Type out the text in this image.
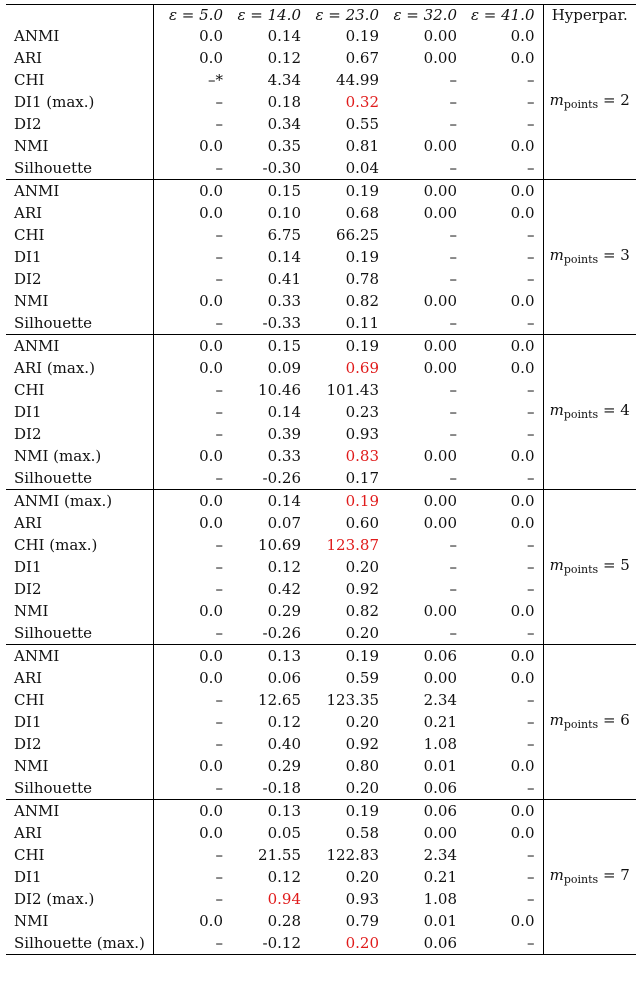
	ε = 5.0	ε = 14.0	ε = 23.0	ε = 32.0	ε = 41.0	Hyperpar.
ANMI	0.0	0.14	0.19	0.00	0.0	$m_{points} = 2$
ARI	0.0	0.12	0.67	0.00	0.0	
CHI	–*	4.34	44.99	–	–	
DI1 (max.)	–	0.18	0.32	–	–	
DI2	–	0.34	0.55	–	–	
NMI	0.0	0.35	0.81	0.00	0.0	
Silhouette	–	-0.30	0.04	–	–	
ANMI	0.0	0.15	0.19	0.00	0.0	$m_{points} = 3$
ARI	0.0	0.10	0.68	0.00	0.0	
CHI	–	6.75	66.25	–	–	
DI1	–	0.14	0.19	–	–	
DI2	–	0.41	0.78	–	–	
NMI	0.0	0.33	0.82	0.00	0.0	
Silhouette	–	-0.33	0.11	–	–	
ANMI	0.0	0.15	0.19	0.00	0.0	$m_{points} = 4$
ARI (max.)	0.0	0.09	0.69	0.00	0.0	
CHI	–	10.46	101.43	–	–	
DI1	–	0.14	0.23	–	–	
DI2	–	0.39	0.93	–	–	
NMI (max.)	0.0	0.33	0.83	0.00	0.0	
Silhouette	–	-0.26	0.17	–	–	
ANMI (max.)	0.0	0.14	0.19	0.00	0.0	$m_{points} = 5$
ARI	0.0	0.07	0.60	0.00	0.0	
CHI (max.)	–	10.69	123.87	–	–	
DI1	–	0.12	0.20	–	–	
DI2	–	0.42	0.92	–	–	
NMI	0.0	0.29	0.82	0.00	0.0	
Silhouette	–	-0.26	0.20	–	–	
ANMI	0.0	0.13	0.19	0.06	0.0	$m_{points} = 6$
ARI	0.0	0.06	0.59	0.00	0.0	
CHI	–	12.65	123.35	2.34	–	
DI1	–	0.12	0.20	0.21	–	
DI2	–	0.40	0.92	1.08	–	
NMI	0.0	0.29	0.80	0.01	0.0	
Silhouette	–	-0.18	0.20	0.06	–	
ANMI	0.0	0.13	0.19	0.06	0.0	$m_{points} = 7$
ARI	0.0	0.05	0.58	0.00	0.0	
CHI	–	21.55	122.83	2.34	–	
DI1	–	0.12	0.20	0.21	–	
DI2 (max.)	–	0.94	0.93	1.08	–	
NMI	0.0	0.28	0.79	0.01	0.0	
Silhouette (max.)	–	-0.12	0.20	0.06	–	
